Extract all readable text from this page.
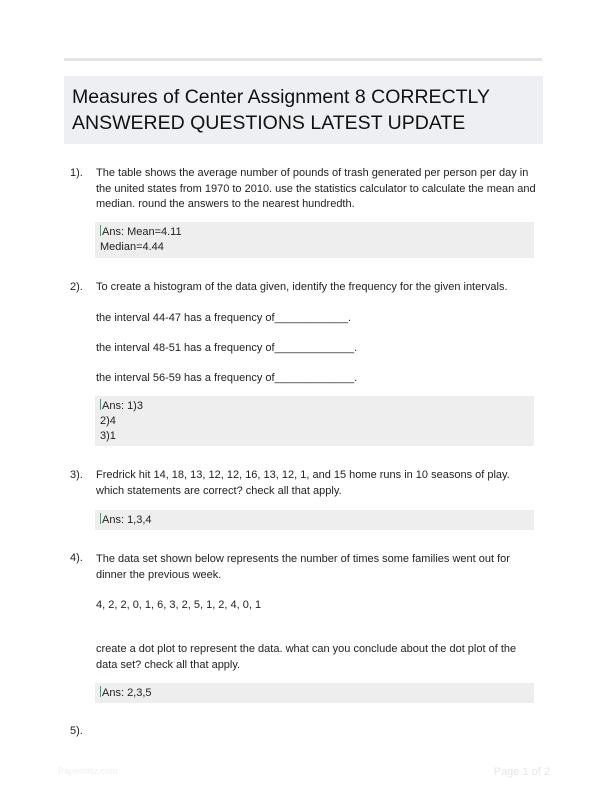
Measures of Center Assignment 8 CORRECTLY ANSWERED QUESTIONS LATEST UPDATE
1). The table shows the average number of pounds of trash generated per person per day in the united states from 1970 to 2010. use the statistics calculator to calculate the mean and median. round the answers to the nearest hundredth.
Ans: Mean=4.11
Median=4.44
2). To create a histogram of the data given, identify the frequency for the given intervals.
the interval 44-47 has a frequency of____________.
the interval 48-51 has a frequency of_____________.
the interval 56-59 has a frequency of_____________.
Ans: 1)3
2)4
3)1
3). Fredrick hit 14, 18, 13, 12, 12, 16, 13, 12, 1, and 15 home runs in 10 seasons of play. which statements are correct? check all that apply.
Ans: 1,3,4
4). The data set shown below represents the number of times some families went out for dinner the previous week.
4, 2, 2, 0, 1, 6, 3, 2, 5, 1, 2, 4, 0, 1
create a dot plot to represent the data. what can you conclude about the dot plot of the data set? check all that apply.
Ans: 2,3,5
5).
Paperblitz.com	Page 1 of 2
